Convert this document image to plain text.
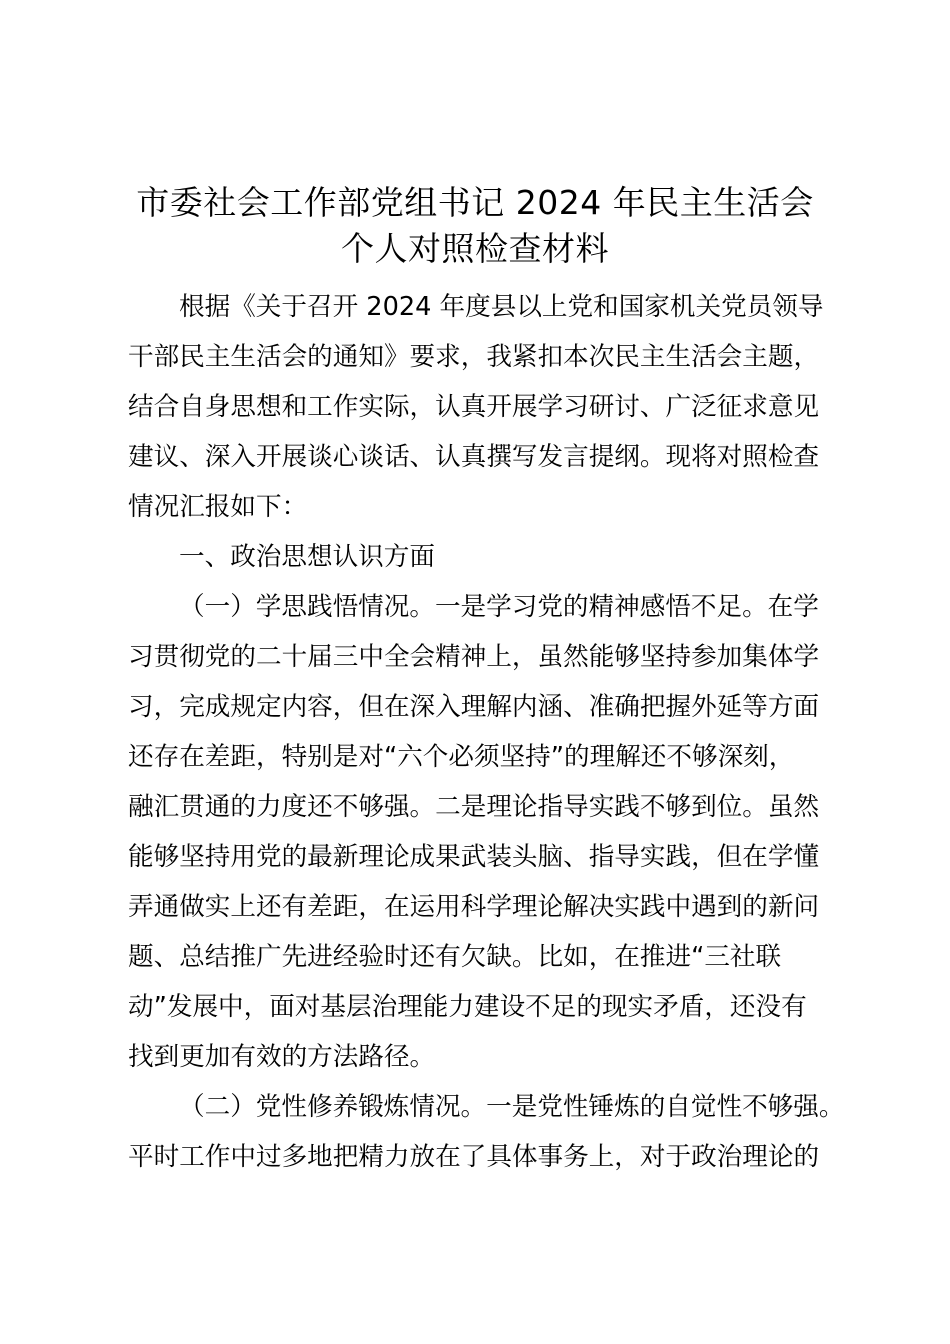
市委社会工作部党组书记 2024 年民主生活会
个人对照检查材料
根据《关于召开 2024 年度县以上党和国家机关党员领导
干部民主生活会的通知》要求，我紧扣本次民主生活会主题，
结合自身思想和工作实际，认真开展学习研讨、广泛征求意见
建议、深入开展谈心谈话、认真撰写发言提纲。现将对照检查
情况汇报如下：
一、政治思想认识方面
（一）学思践悟情况。一是学习党的精神感悟不足。在学
习贯彻党的二十届三中全会精神上，虽然能够坚持参加集体学
习，完成规定内容，但在深入理解内涵、准确把握外延等方面
还存在差距，特别是对“六个必须坚持”的理解还不够深刻，
融汇贯通的力度还不够强。二是理论指导实践不够到位。虽然
能够坚持用党的最新理论成果武装头脑、指导实践，但在学懂
弄通做实上还有差距，在运用科学理论解决实践中遇到的新问
题、总结推广先进经验时还有欠缺。比如，在推进“三社联
动”发展中，面对基层治理能力建设不足的现实矛盾，还没有
找到更加有效的方法路径。
（二）党性修养锻炼情况。一是党性锤炼的自觉性不够强。
平时工作中过多地把精力放在了具体事务上，对于政治理论的
